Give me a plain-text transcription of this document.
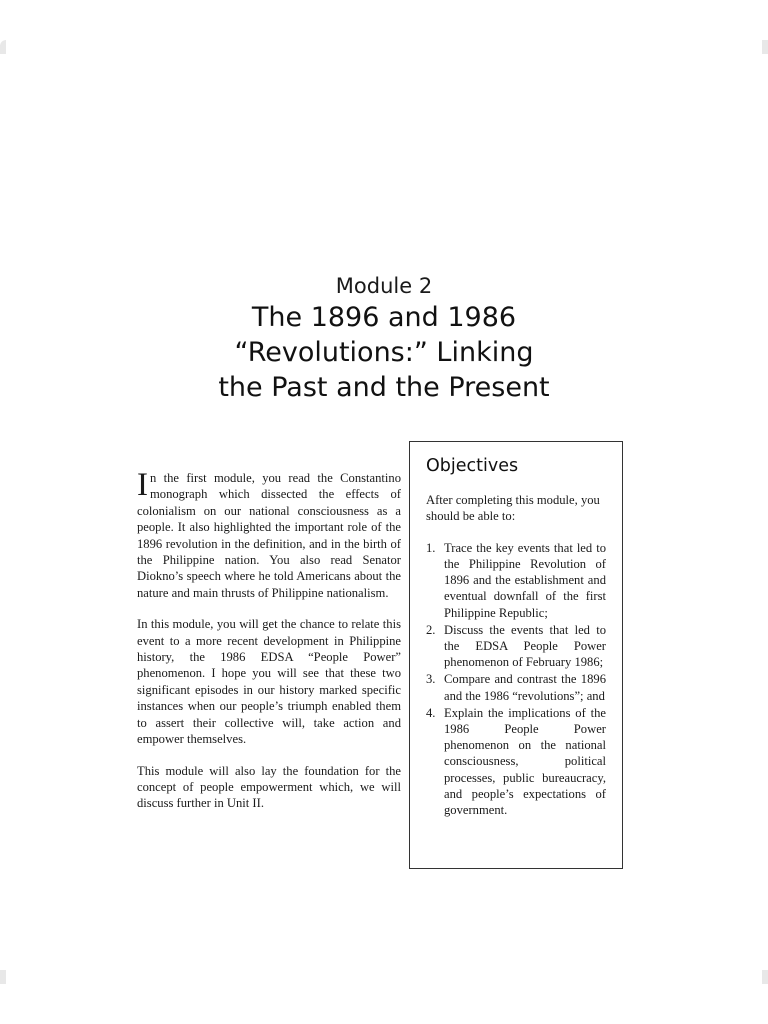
Module 2
The 1896 and 1986
“Revolutions:” Linking
the Past and the Present

In the first module, you read the Constantino monograph which dissected the effects of colonialism on our national consciousness as a people. It also highlighted the important role of the 1896 revolution in the definition, and in the birth of the Philippine nation. You also read Senator Diokno’s speech where he told Americans about the nature and main thrusts of Philippine nationalism.

In this module, you will get the chance to relate this event to a more recent development in Philippine history, the 1986 EDSA “People Power” phenomenon. I hope you will see that these two significant episodes in our history marked specific instances when our people’s triumph enabled them to assert their collective will, take action and empower themselves.

This module will also lay the foundation for the concept of people empowerment which, we will discuss further in Unit II.

Objectives

After completing this module, you should be able to:

1. Trace the key events that led to the Philippine Revolution of 1896 and the establishment and eventual downfall of the first Philippine Republic;
2. Discuss the events that led to the EDSA People Power phenomenon of February 1986;
3. Compare and contrast the 1896 and the 1986 “revolutions”; and
4. Explain the implications of the 1986 People Power phenomenon on the national consciousness, political processes, public bureaucracy, and people’s expectations of government.
